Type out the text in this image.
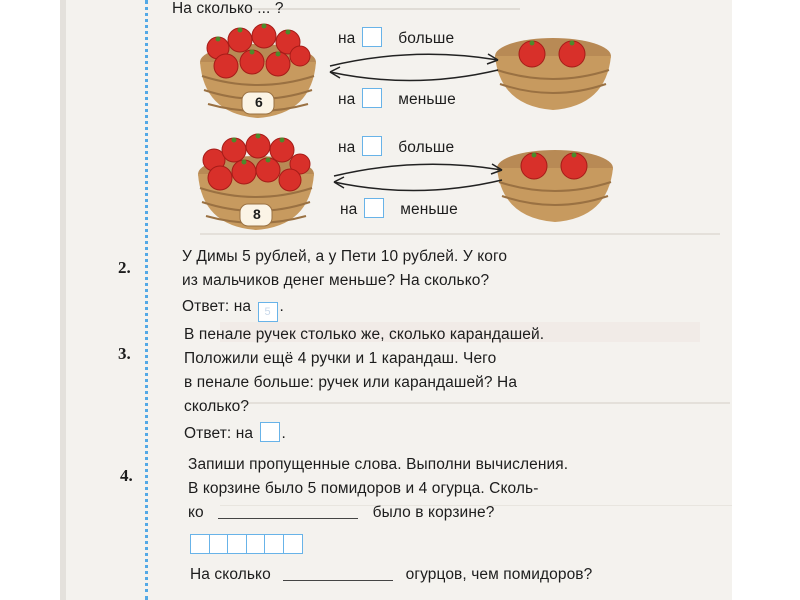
На сколько ... ?
6
на	больше
на	меньше
8
на	больше
на	меньше
2.
У Димы 5 рублей, а у Пети 10 рублей. У кого
из мальчиков денег меньше? На сколько?
Ответ: на	5 .
3.
В пенале ручек столько же, сколько карандашей.
Положили ещё 4 ручки и 1 карандаш. Чего
в пенале больше: ручек или карандашей? На
сколько?
Ответ: на .
4.
Запиши пропущенные слова. Выполни вычисления.
В корзине было 5 помидоров и 4 огурца. Сколь-
ко	было в корзине?
На сколько	огурцов, чем помидоров?
